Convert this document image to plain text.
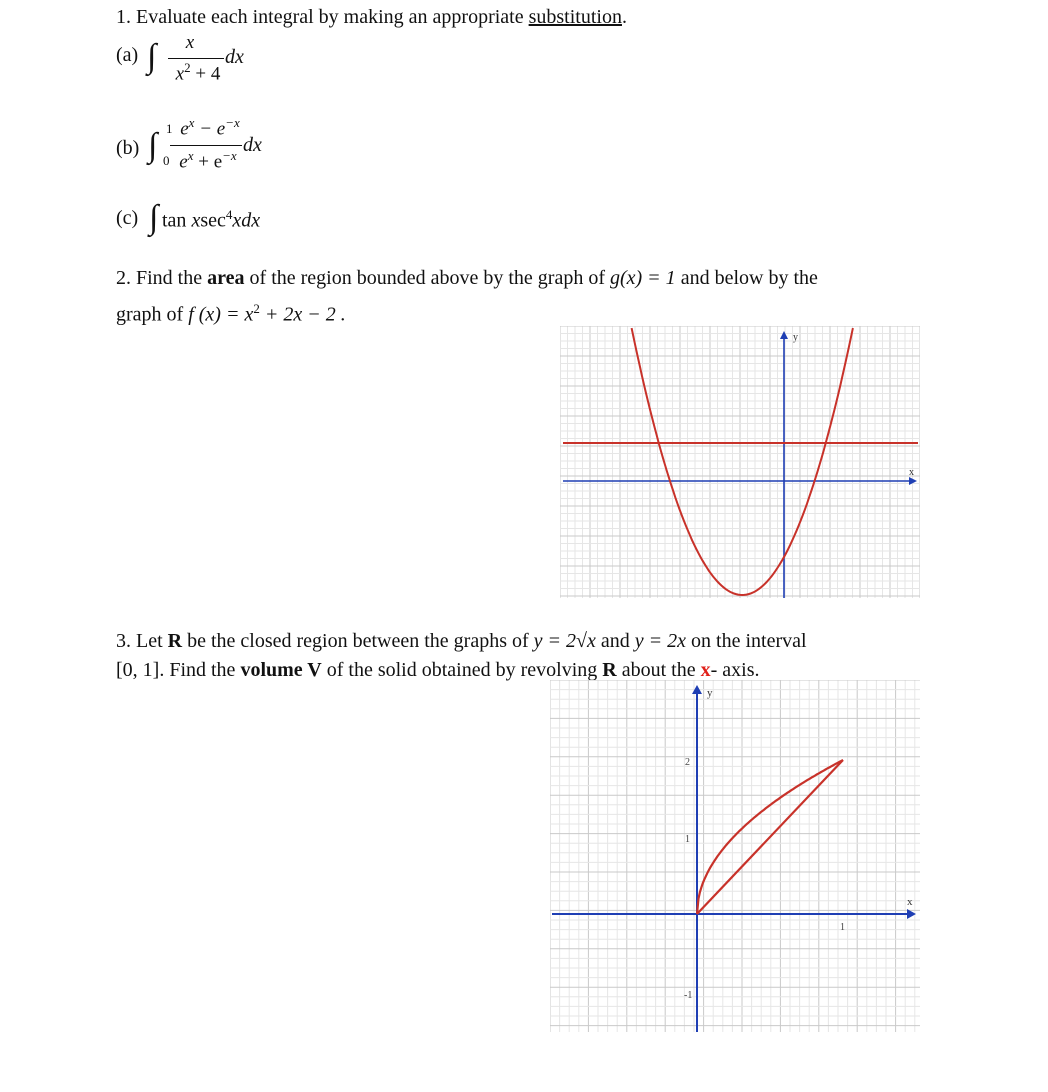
1. Evaluate each integral by making an appropriate substitution.
(a) ∫	x
$x^2 + 4$
dx
(b) ∫ 1
0
$e^x - e^{-x}$
$e^x + e^{-x}$ dx
(c) ∫ tan xsec$^4$xdx
2. Find the area of the region bounded above by the graph of g(x) = 1 and below by the
graph of f $(x) = x^2 + 2x - 2$ .
y
x
3. Let R be the closed region between the graphs of y = 2√x and y = 2x on the interval
[0, 1]. Find the volume V of the solid obtained by revolving R about the x- axis.
y
x
2
1
-1
1
